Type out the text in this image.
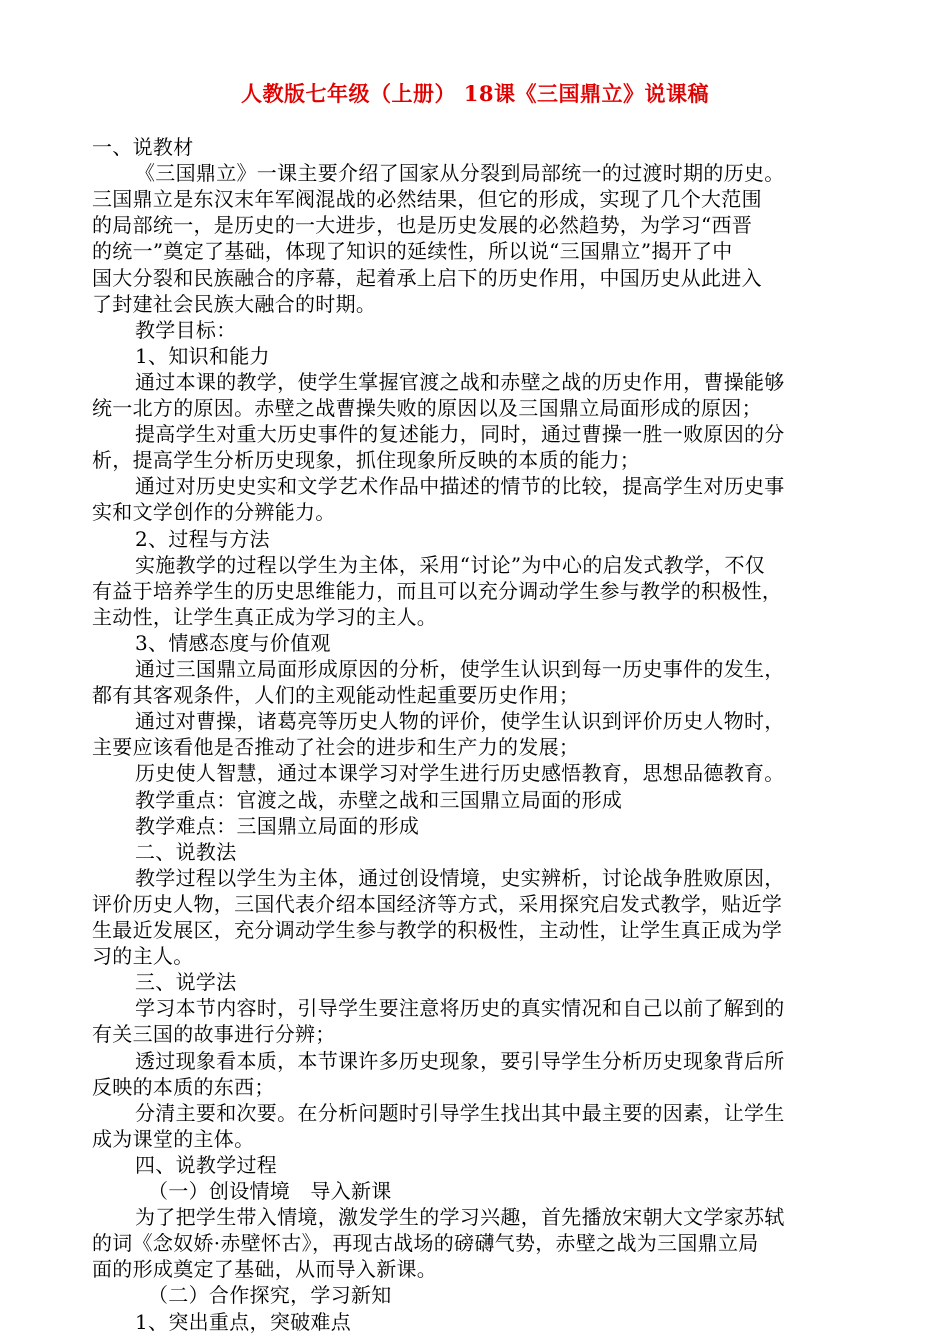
人教版七年级（上册） 18课《三国鼎立》说课稿
一、说教材
《三国鼎立》一课主要介绍了国家从分裂到局部统一的过渡时期的历史。
三国鼎立是东汉末年军阀混战的必然结果，但它的形成，实现了几个大范围
的局部统一，是历史的一大进步，也是历史发展的必然趋势，为学习“西晋
的统一”奠定了基础，体现了知识的延续性，所以说“三国鼎立”揭开了中
国大分裂和民族融合的序幕，起着承上启下的历史作用，中国历史从此进入
了封建社会民族大融合的时期。
教学目标：
1、知识和能力
通过本课的教学，使学生掌握官渡之战和赤壁之战的历史作用，曹操能够
统一北方的原因。赤壁之战曹操失败的原因以及三国鼎立局面形成的原因；
提高学生对重大历史事件的复述能力，同时，通过曹操一胜一败原因的分
析，提高学生分析历史现象，抓住现象所反映的本质的能力；
通过对历史史实和文学艺术作品中描述的情节的比较，提高学生对历史事
实和文学创作的分辨能力。
2、过程与方法
实施教学的过程以学生为主体，采用“讨论”为中心的启发式教学，不仅
有益于培养学生的历史思维能力，而且可以充分调动学生参与教学的积极性，
主动性，让学生真正成为学习的主人。
3、情感态度与价值观
通过三国鼎立局面形成原因的分析，使学生认识到每一历史事件的发生，
都有其客观条件，人们的主观能动性起重要历史作用；
通过对曹操，诸葛亮等历史人物的评价，使学生认识到评价历史人物时，
主要应该看他是否推动了社会的进步和生产力的发展；
历史使人智慧，通过本课学习对学生进行历史感悟教育，思想品德教育。
教学重点：官渡之战，赤壁之战和三国鼎立局面的形成
教学难点：三国鼎立局面的形成
二、说教法
教学过程以学生为主体，通过创设情境，史实辨析，讨论战争胜败原因，
评价历史人物，三国代表介绍本国经济等方式，采用探究启发式教学，贴近学
生最近发展区，充分调动学生参与教学的积极性，主动性，让学生真正成为学
习的主人。
三、说学法
学习本节内容时，引导学生要注意将历史的真实情况和自己以前了解到的
有关三国的故事进行分辨；
透过现象看本质，本节课许多历史现象，要引导学生分析历史现象背后所
反映的本质的东西；
分清主要和次要。在分析问题时引导学生找出其中最主要的因素，让学生
成为课堂的主体。
四、说教学过程
（一）创设情境　导入新课
为了把学生带入情境，激发学生的学习兴趣，首先播放宋朝大文学家苏轼
的词《念奴娇·赤壁怀古》，再现古战场的磅礴气势，赤壁之战为三国鼎立局
面的形成奠定了基础，从而导入新课。
（二）合作探究，学习新知
1、突出重点，突破难点
